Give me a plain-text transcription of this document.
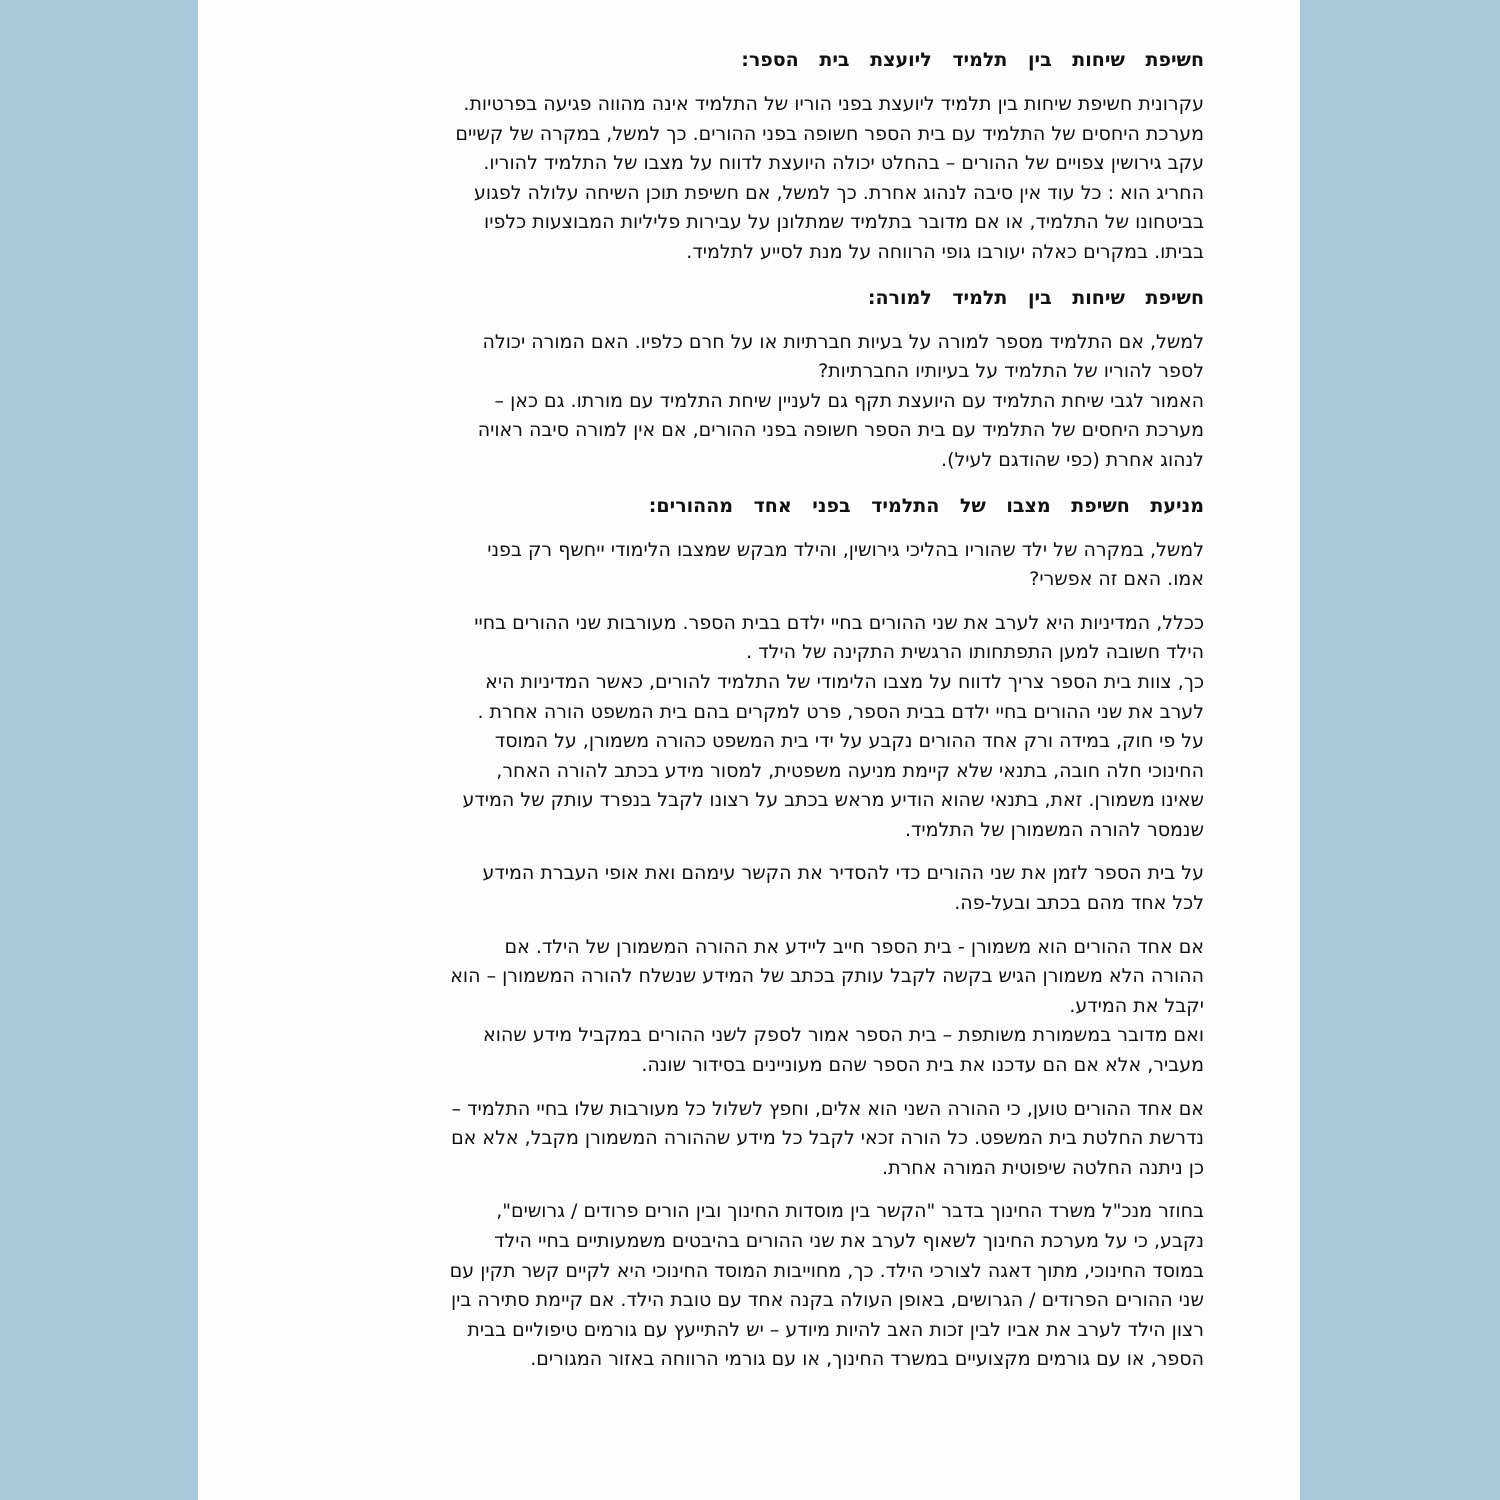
חשיפת שיחות בין תלמיד ליועצת בית הספר:
עקרונית חשיפת שיחות בין תלמיד ליועצת בפני הוריו של התלמיד אינה מהווה פגיעה בפרטיות.
מערכת היחסים של התלמיד עם בית הספר חשופה בפני ההורים. כך למשל, במקרה של קשיים
עקב גירושין צפויים של ההורים – בהחלט יכולה היועצת לדווח על מצבו של התלמיד להוריו.
החריג הוא : כל עוד אין סיבה לנהוג אחרת. כך למשל, אם חשיפת תוכן השיחה עלולה לפגוע
בביטחונו של התלמיד, או אם מדובר בתלמיד שמתלונן על עבירות פליליות המבוצעות כלפיו
בביתו. במקרים כאלה יעורבו גופי הרווחה על מנת לסייע לתלמיד.
חשיפת שיחות בין תלמיד למורה:
למשל, אם התלמיד מספר למורה על בעיות חברתיות או על חרם כלפיו. האם המורה יכולה
לספר להוריו של התלמיד על בעיותיו החברתיות?
האמור לגבי שיחת התלמיד עם היועצת תקף גם לעניין שיחת התלמיד עם מורתו. גם כאן –
מערכת היחסים של התלמיד עם בית הספר חשופה בפני ההורים, אם אין למורה סיבה ראויה
לנהוג אחרת (כפי שהודגם לעיל).
מניעת חשיפת מצבו של התלמיד בפני אחד מההורים:
למשל, במקרה של ילד שהוריו בהליכי גירושין, והילד מבקש שמצבו הלימודי ייחשף רק בפני
אמו. האם זה אפשרי?
ככלל, המדיניות היא לערב את שני ההורים בחיי ילדם בבית הספר. מעורבות שני ההורים בחיי
הילד חשובה למען התפתחותו הרגשית התקינה של הילד .
כך, צוות בית הספר צריך לדווח על מצבו הלימודי של התלמיד להורים, כאשר המדיניות היא
לערב את שני ההורים בחיי ילדם בבית הספר, פרט למקרים בהם בית המשפט הורה אחרת .
על פי חוק, במידה ורק אחד ההורים נקבע על ידי בית המשפט כהורה משמורן, על המוסד
החינוכי חלה חובה, בתנאי שלא קיימת מניעה משפטית, למסור מידע בכתב להורה האחר,
שאינו משמורן. זאת, בתנאי שהוא הודיע מראש בכתב על רצונו לקבל בנפרד עותק של המידע
שנמסר להורה המשמורן של התלמיד.
על בית הספר לזמן את שני ההורים כדי להסדיר את הקשר עימהם ואת אופי העברת המידע
לכל אחד מהם בכתב ובעל-פה.
אם אחד ההורים הוא משמורן - בית הספר חייב ליידע את ההורה המשמורן של הילד. אם
ההורה הלא משמורן הגיש בקשה לקבל עותק בכתב של המידע שנשלח להורה המשמורן – הוא
יקבל את המידע.
ואם מדובר במשמורת משותפת – בית הספר אמור לספק לשני ההורים במקביל מידע שהוא
מעביר, אלא אם הם עדכנו את בית הספר שהם מעוניינים בסידור שונה.
אם אחד ההורים טוען, כי ההורה השני הוא אלים, וחפץ לשלול כל מעורבות שלו בחיי התלמיד –
נדרשת החלטת בית המשפט. כל הורה זכאי לקבל כל מידע שההורה המשמורן מקבל, אלא אם
כן ניתנה החלטה שיפוטית המורה אחרת.
בחוזר מנכ"ל משרד החינוך בדבר "הקשר בין מוסדות החינוך ובין הורים פרודים / גרושים",
נקבע, כי על מערכת החינוך לשאוף לערב את שני ההורים בהיבטים משמעותיים בחיי הילד
במוסד החינוכי, מתוך דאגה לצורכי הילד. כך, מחוייבות המוסד החינוכי היא לקיים קשר תקין עם
שני ההורים הפרודים / הגרושים, באופן העולה בקנה אחד עם טובת הילד. אם קיימת סתירה בין
רצון הילד לערב את אביו לבין זכות האב להיות מיודע – יש להתייעץ עם גורמים טיפוליים בבית
הספר, או עם גורמים מקצועיים במשרד החינוך, או עם גורמי הרווחה באזור המגורים.
